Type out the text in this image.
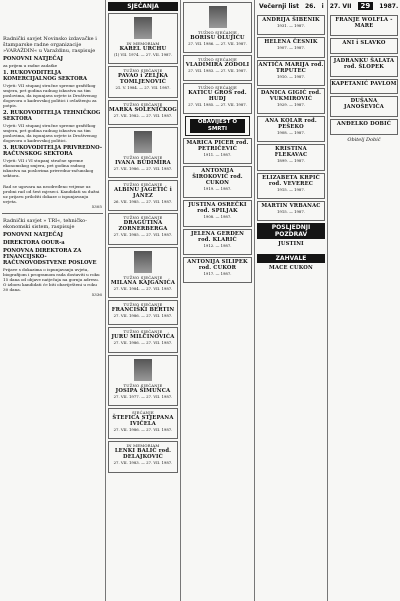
Večernji list 26. i 27. VII	29	1987.
Radnički savjet Novinsko izdavačke i štamparske radne organizacije »VARAŽDIN« u Varaždinu, raspisuje
PONOVNI NATJEČAJ
za prijem u radne zadatke
1. RUKOVODITELJA KOMERCIJALNOG SEKTORA
Uvjeti: VII stupanj stručne spreme grafičkog smjera, pet godina radnog iskustva na tim poslovima, da ispunjava uvjete iz Društvenog dogovora o kadrovskoj politici i ovlaštenju za potpis.
2. RUKOVODITELJA TEHNIČKOG SEKTORA
Uvjeti: VII stupanj stručne spreme grafičkog smjera, pet godina radnog iskustva na tim poslovima, da ispunjava uvjete iz Društvenog dogovora o kadrovskoj politici.
3. RUKOVODITELJA PRIVREDNO-RAČUNSKOG SEKTORA
Uvjeti: VII i VI stupanj stručne spreme ekonomskog smjera, pet godina radnog iskustva na poslovima privredno-računskog sektora.
Rad se ugovara na neodređeno vrijeme uz probni rad od šest mjeseci. Kandidati su dužni uz prijavu priložiti dokaze o ispunjavanju uvjeta.
5305
Radnički savjet » TRI«, tehničko-ekonomski sistem, raspisuje
PONOVNI NATJEČAJ
DIREKTORA OOUR-a
PONOVNA DIREKTORA ZA FINANCIJSKO-RAČUNOVODSTVENE POSLOVE
Prijave s dokazima o ispunjavanju uvjeta, biografijom i programom rada dostaviti u roku 15 dana od objave natječaja na gornju adresu. O izboru kandidati će biti obaviješteni u roku 30 dana.
5336
SJEĆANJA
IN MEMORIAM
KAREL URCHU
(1) VII. 1974. — 27. VII. 1987.

TUŽNO SJEĆANJE
PAVAO i ZELJKA TOMLJENOVIĆ
21. V. 1984. — 27. VII. 1987.

TUŽNO SJEĆANJE
MARKA SOLENIČKOG
27. VII. 1982. — 27. VII. 1987.

TUŽNO SJEĆANJE
IVANA BUDIMIRA
27. VII. 1986. — 27. VII. 1987.

TUŽNO SJEĆANJE
ALBINU JAGETIĆ i JANEZ
26. VII. 1985. — 27. VII. 1987.

TUŽNO SJEĆANJE
DRAGUTINA ZORNERBERGA
27. VII. 1985. — 27. VII. 1987.

TUŽNO SJEĆANJE
MILANA KAJGANIĆA
27. VII. 1984. — 27. VII. 1987.

TUŽNO SJEĆANJE
FRANCIŠKI BERTIN
27. VII. 1986. — 27. VII. 1987.

TUŽNO SJEĆANJE
JURU MILČINOVIĆA
27. VII. 1986. — 27. VII. 1987.

TUŽNO SJEĆANJE
JOSIPA ŠIMUNCA
27. VII. 1977. — 27. VII. 1987.

SJEĆANJE
ŠTEFICA STJEPANA IVIČELA
27. VII. 1986. — 27. VII. 1987.

IN MEMORIAM
LENKI BALIĆ rođ. DELAJKOVIĆ
27. VII. 1983. — 27. VII. 1987.

TUŽNO SJEĆANJE
BORISU OLUJIĆU
27. VII. 1986. — 27. VII. 1987.

TUŽNO SJEĆANJE
VLADIMIRA ZODOLI
27. VII. 1983. — 27. VII. 1987.

TUŽNO SJEĆANJE
KATICU GROŠ rođ. HUDJ
27. VII. 1985. — 27. VII. 1987.

OBAVIJEST O SMRTI
MARICA PICER rođ. PETRIČEVIĆ
1911. — 1987.

ANTONIJA ŠIROKOVIĆ rođ. CUKON
1919. — 1987.

JUSTINA OSREČKI rođ. SPILJAK
1908. — 1987.

JELENA GERDEN rođ. KLARIĆ
1912. — 1987.

ANTONIJA SILIPEK rođ. CUKOR
1917. — 1987.

ANDRIJA ŠIBENIK
1931. — 1987.

HELENA ČESNIK
1907. — 1987.

ANTIČA MARIJA rođ. TRPUTEC
1910. — 1987.

DANICA GIGIĆ rođ. VUKMIROVIĆ
1929. — 1987.

ANA KOLAR rođ. PEŠEKO
1908. — 1987.

KRISTINA FLEKAVAC
1899. — 1987.

ELIZABETA KRPIĆ rođ. VEVEREC
1915. — 1987.

MARTIN VRBANAC
1915. — 1987.

POSLJEDNJI POZDRAV
JUSTINI

ZAHVALE
MACE CUKON
FRANJE WOLFLA - MARE

ANI i SLAVKO

JADRANKU ŠALATA rođ. ŠLOPEK

KAPETANIĆ PAVLOM

DUŠANA JANOŠEVIĆA

ANĐELKO DOBIĆ

Obitelj Dobić
